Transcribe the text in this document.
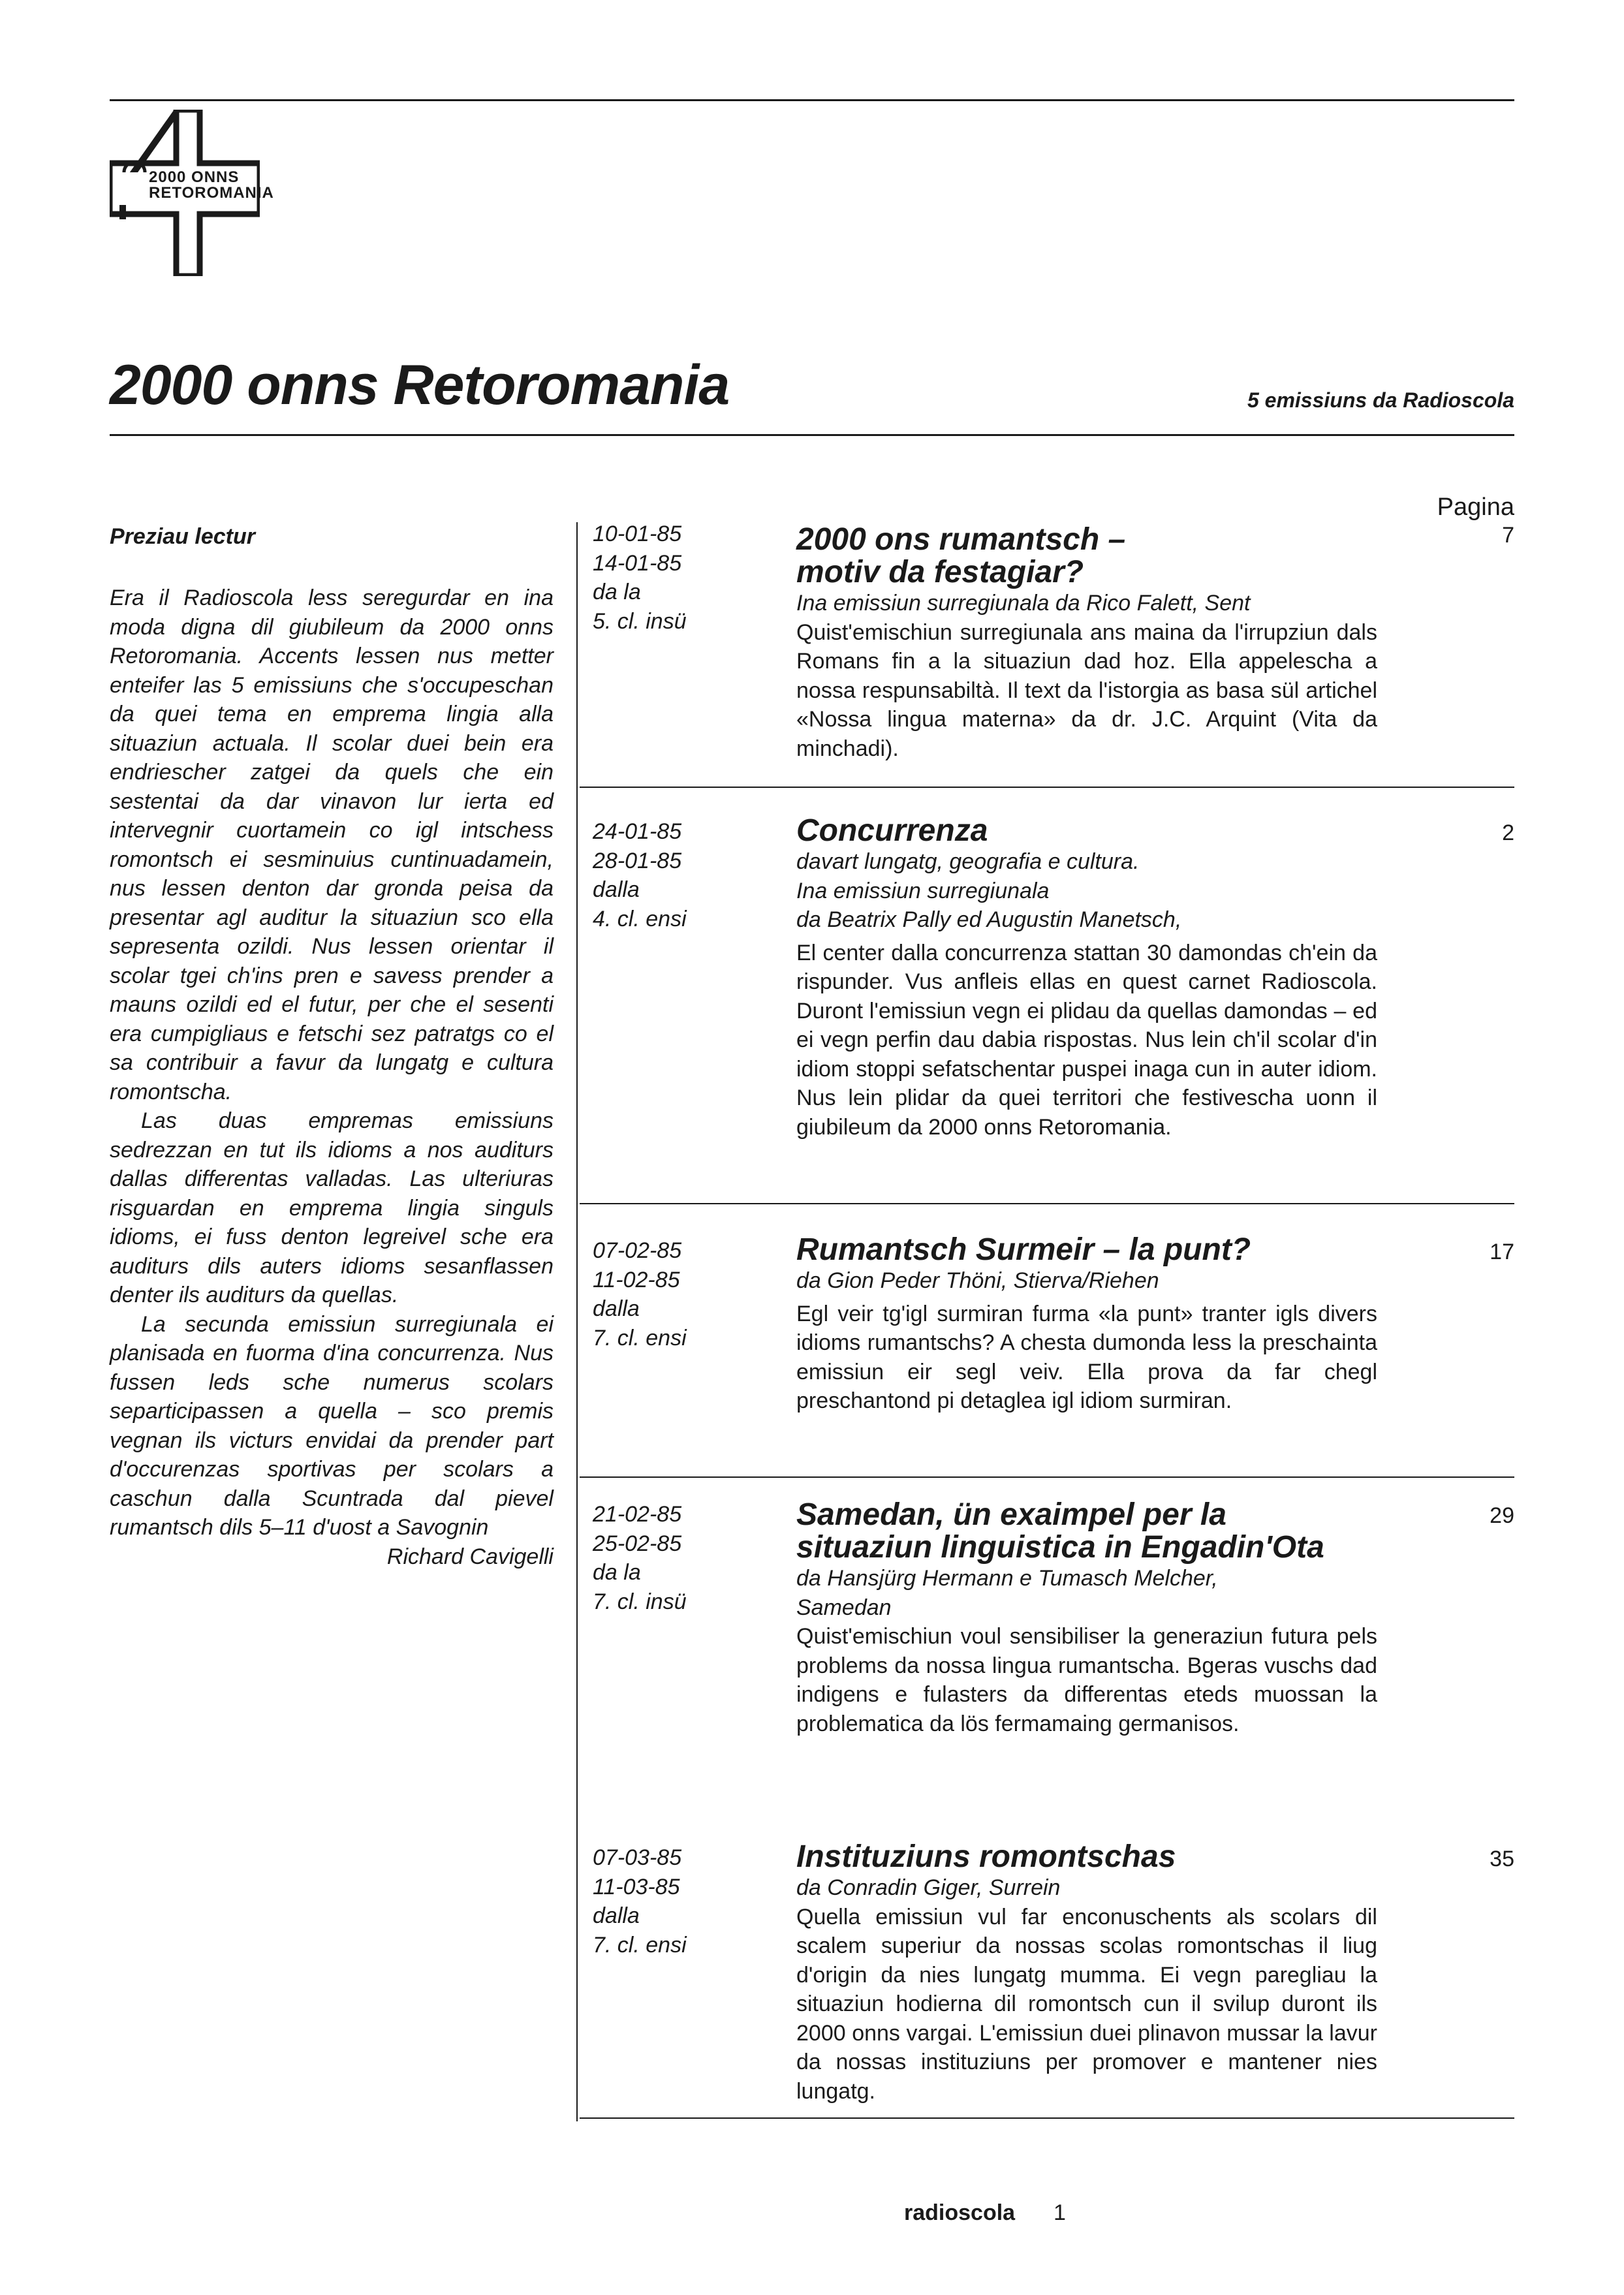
2000 ONNS RETOROMANIA
2000 onns Retoromania	5 emissiuns da Radioscola
Preziau lectur

Era il Radioscola less seregurdar en ina moda digna dil giubileum da 2000 onns Retoromania. Accents lessen nus metter enteifer las 5 emissiuns che s'occupeschan da quei tema en emprema lingia alla situaziun actuala. Il scolar duei bein era endriescher zatgei da quels che ein sestentai da dar vinavon lur ierta ed intervegnir cuortamein co igl intschess romontsch ei sesminuius cuntinuadamein, nus lessen denton dar gronda peisa da presentar agl auditur la situaziun sco ella sepresenta ozildi. Nus lessen orientar il scolar tgei ch'ins pren e savess prender a mauns ozildi ed el futur, per che el sesenti era cumpigliaus e fetschi sez patratgs co el sa contribuir a favur da lungatg e cultura romontscha.

Las duas empremas emissiuns sedrezzan en tut ils idioms a nos auditurs dallas differentas valladas. Las ulteriuras risguardan en emprema lingia singuls idioms, ei fuss denton legreivel sche era auditurs dils auters idioms sesanflassen denter ils auditurs da quellas.

La secunda emissiun surregiunala ei planisada en fuorma d'ina concurrenza. Nus fussen leds sche numerus scolars separticipassen a quella – sco premis vegnan ils victurs envidai da prender part d'occurenzas sportivas per scolars a caschun dalla Scuntrada dal pievel rumantsch dils 5–11 d'uost a Savognin

Richard Cavigelli

Pagina
10-01-85
14-01-85
da la
5. cl. insü
2000 ons rumantsch –
motiv da festagiar?
Ina emissiun surregiunala da Rico Falett, Sent
Quist'emischiun surregiunala ans maina da l'irrupziun dals Romans fin a la situaziun dad hoz. Ella appelescha a nossa respunsabiltà. Il text da l'istorgia as basa sül artichel «Nossa lingua materna» da dr. J.C. Arquint (Vita da minchadi).
7
24-01-85
28-01-85
dalla
4. cl. ensi
Concurrenza
davart lungatg, geografia e cultura.
Ina emissiun surregiunala
da Beatrix Pally ed Augustin Manetsch,
El center dalla concurrenza stattan 30 damondas ch'ein da rispunder. Vus anfleis ellas en quest carnet Radioscola. Duront l'emissiun vegn ei plidau da quellas damondas – ed ei vegn perfin dau dabia rispostas. Nus lein ch'il scolar d'in idiom stoppi sefatschentar puspei inaga cun in auter idiom. Nus lein plidar da quei territori che festivescha uonn il giubileum da 2000 onns Retoromania.
2
07-02-85
11-02-85
dalla
7. cl. ensi
Rumantsch Surmeir – la punt?
da Gion Peder Thöni, Stierva/Riehen
Egl veir tg'igl surmiran furma «la punt» tranter igls divers idioms rumantschs? A chesta dumonda less la preschainta emissiun eir segl veiv. Ella prova da far chegl preschantond pi detaglea igl idiom surmiran.
17
21-02-85
25-02-85
da la
7. cl. insü
Samedan, ün exaimpel per la
situaziun linguistica in Engadin'Ota
da Hansjürg Hermann e Tumasch Melcher,
Samedan
Quist'emischiun voul sensibiliser la generaziun futura pels problems da nossa lingua rumantscha. Bgeras vuschs dad indigens e fulasters da differentas eteds muossan la problematica da lös fermamaing germanisos.
29
07-03-85
11-03-85
dalla
7. cl. ensi
Instituziuns romontschas
da Conradin Giger, Surrein
Quella emissiun vul far enconuschents als scolars dil scalem superiur da nossas scolas romontschas il liug d'origin da nies lungatg mumma. Ei vegn paregliau la situaziun hodierna dil romontsch cun il svilup duront ils 2000 onns vargai. L'emissiun duei plinavon mussar la lavur da nossas instituziuns per promover e mantener nies lungatg.
35
radioscola 1
